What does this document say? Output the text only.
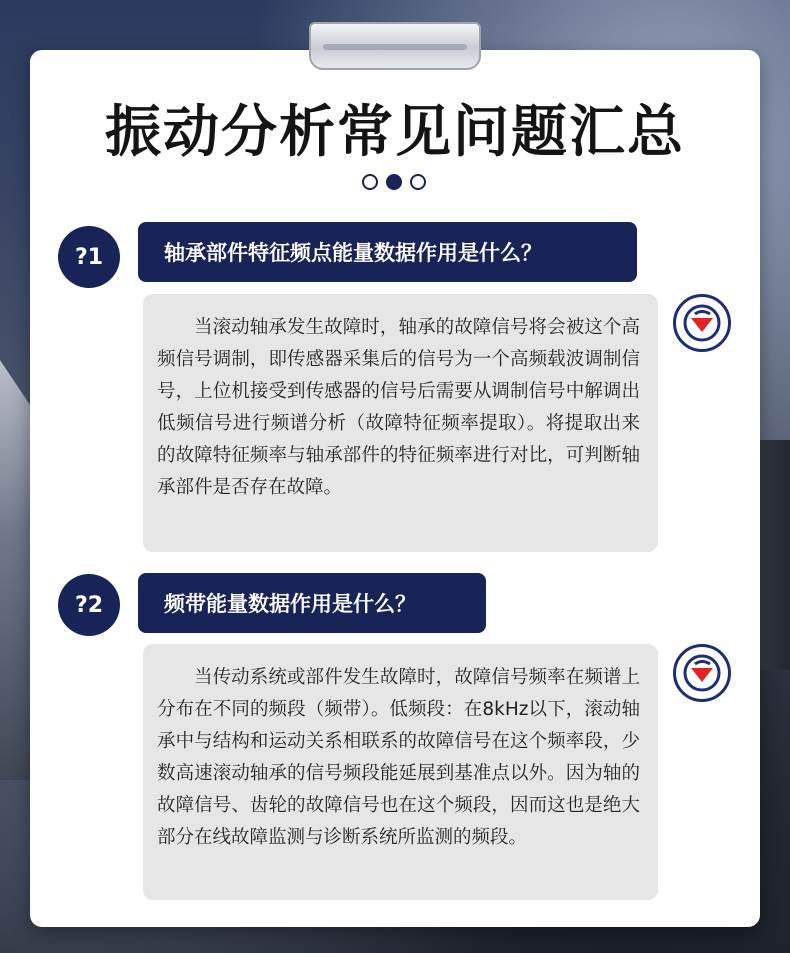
振动分析常见问题汇总
?1	轴承部件特征频点能量数据作用是什么？
当滚动轴承发生故障时，轴承的故障信号将会被这个高频信号调制，即传感器采集后的信号为一个高频载波调制信号，上位机接受到传感器的信号后需要从调制信号中解调出低频信号进行频谱分析（故障特征频率提取）。将提取出来的故障特征频率与轴承部件的特征频率进行对比，可判断轴承部件是否存在故障。
?2	频带能量数据作用是什么？
当传动系统或部件发生故障时，故障信号频率在频谱上分布在不同的频段（频带）。低频段：在8kHz以下，滚动轴承中与结构和运动关系相联系的故障信号在这个频率段，少数高速滚动轴承的信号频段能延展到基准点以外。因为轴的故障信号、齿轮的故障信号也在这个频段，因而这也是绝大部分在线故障监测与诊断系统所监测的频段。
